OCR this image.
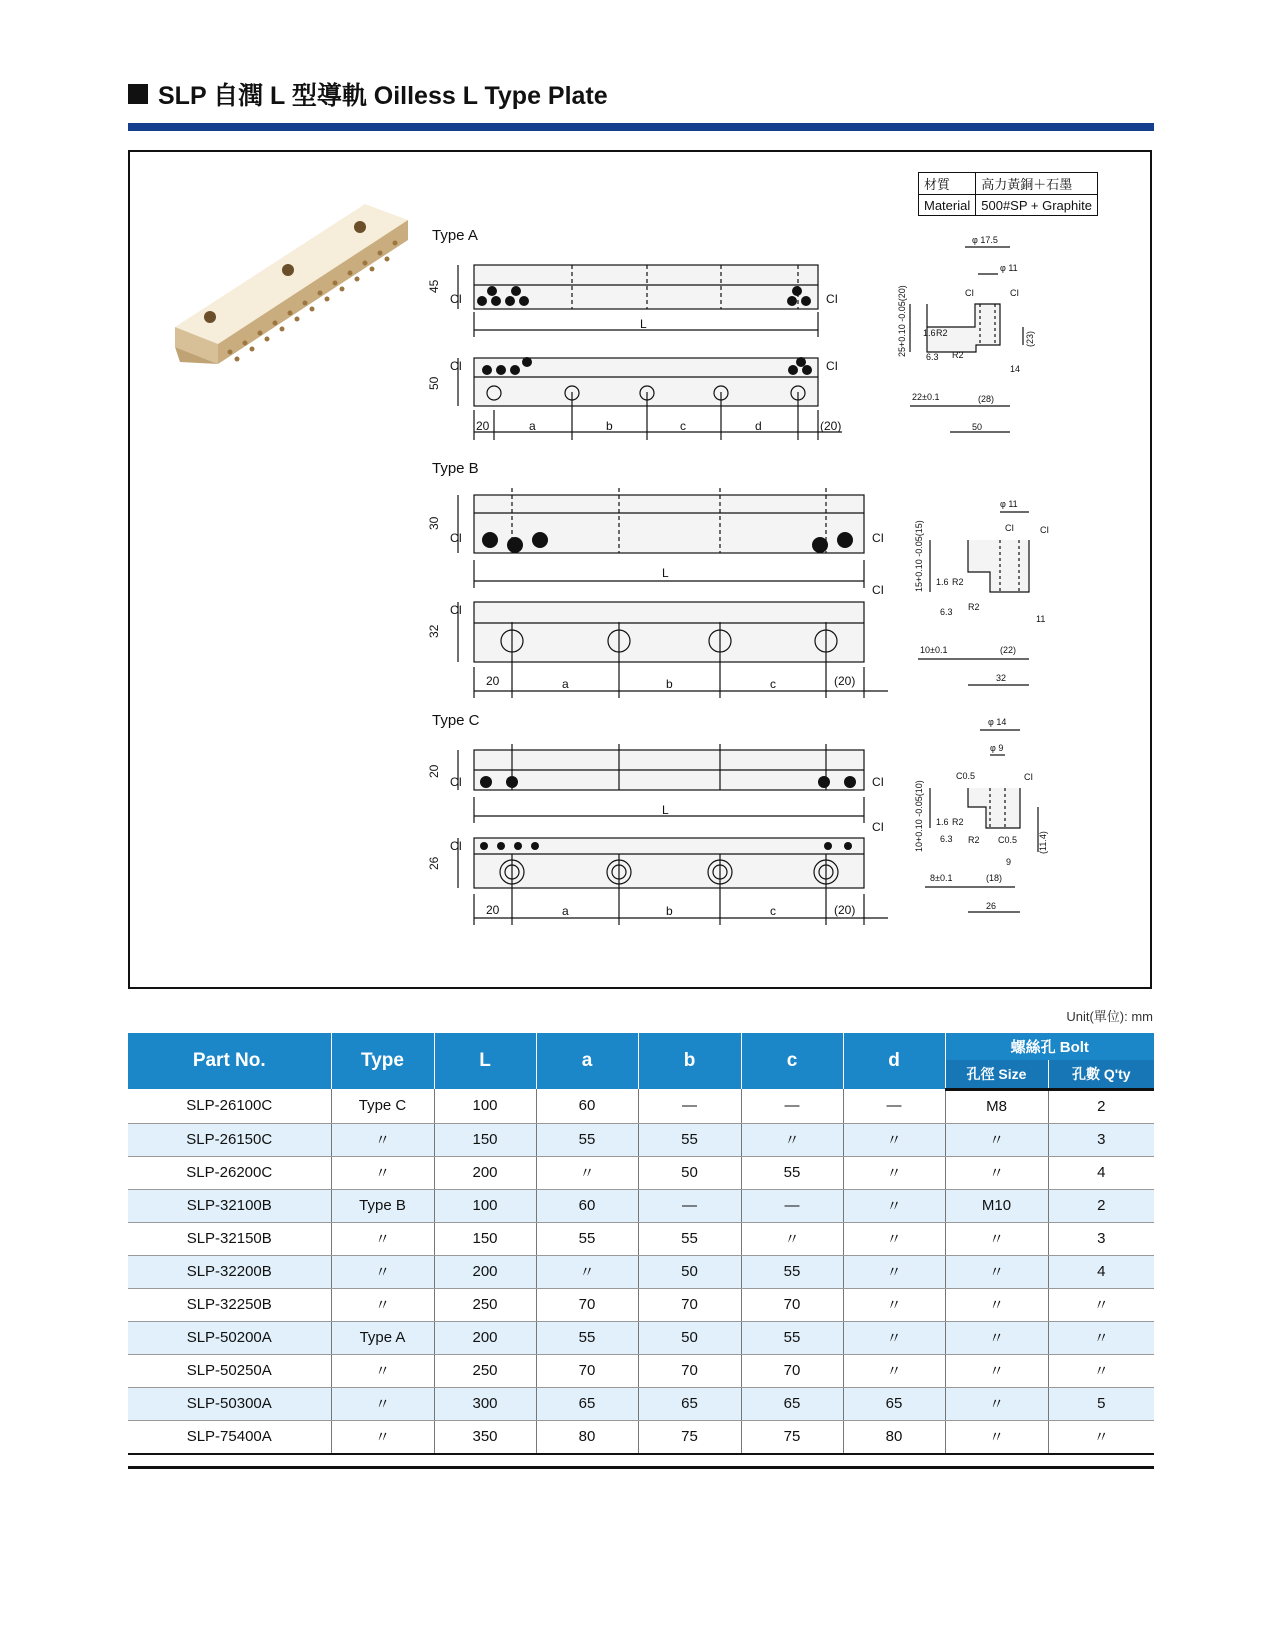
SLP 自潤 L 型導軌 Oilless L Type Plate
Type A
Type B
Type C
45
50
CI	CI
CI	CI
L
20	a	b	c	d	(20)
30
32
CI	CI
CI
CI
L
20	a	b	c	(20)
20
26
CI	CI
CI
CI
L
20	a	b	c	(20)
φ 17.5
φ 11
CI	CI
25+0.10 -0.05(20)	R2
R2
1.6
6.3
(23)
14
22±0.1	(28)
50
φ 11
CI	CI
15+0.10 -0.05(15)	R2
R2
1.6
6.3
11
10±0.1	(22)
32
φ 14
φ 9
C0.5	CI
10+0.10 -0.05(10)	R2
R2
1.6
6.3	C0.5 (11.4)
9
8±0.1	(18)
26
材質	高力黃銅＋石墨
Material	500#SP + Graphite
Unit(單位): mm
Part No.	Type	L	a	b	c	d	螺絲孔 Bolt	
							孔徑 Size	孔數 Q'ty
SLP-26100C	Type C	100	60	—	—	—	M8	2
SLP-26150C	〃	150	55	55	〃	〃	〃	3
SLP-26200C	〃	200	〃	50	55	〃	〃	4
SLP-32100B	Type B	100	60	—	—	〃	M10	2
SLP-32150B	〃	150	55	55	〃	〃	〃	3
SLP-32200B	〃	200	〃	50	55	〃	〃	4
SLP-32250B	〃	250	70	70	70	〃	〃	〃
SLP-50200A	Type A	200	55	50	55	〃	〃	〃
SLP-50250A	〃	250	70	70	70	〃	〃	〃
SLP-50300A	〃	300	65	65	65	65	〃	5
SLP-75400A	〃	350	80	75	75	80	〃	〃
